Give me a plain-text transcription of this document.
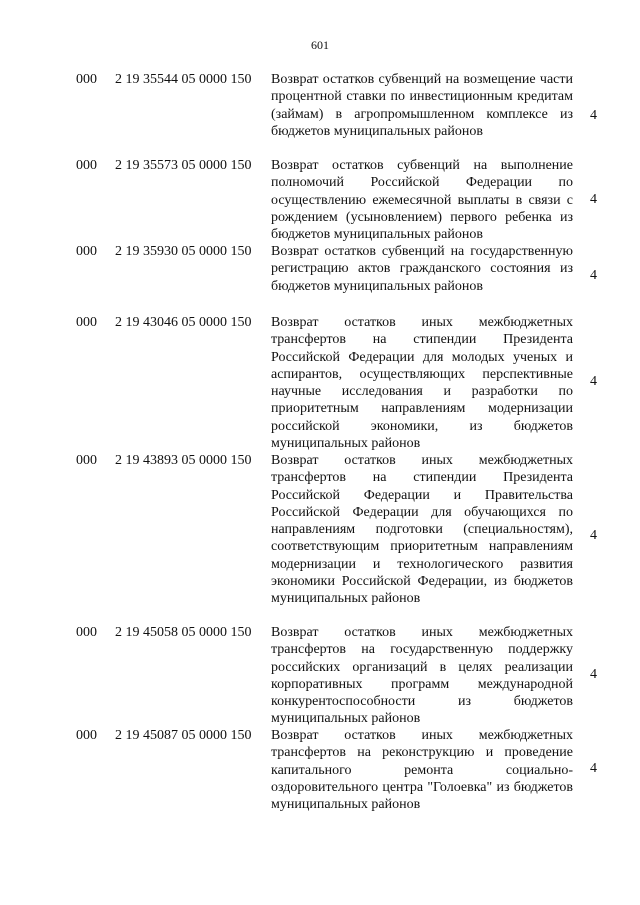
601
000 2 19 35544 05 0000 150 Возврат остатков субвенций на возмещение части процентной ставки по инвестиционным кредитам (займам) в агропромышленном комплексе из бюджетов муниципальных районов
4
000 2 19 35573 05 0000 150 Возврат остатков субвенций на выполнение полномочий Российской Федерации по осуществлению ежемесячной выплаты в связи с рождением (усыновлением) первого ребенка из бюджетов муниципальных районов
4
000 2 19 35930 05 0000 150 Возврат остатков субвенций на государственную регистрацию актов гражданского состояния из бюджетов муниципальных районов
4
000 2 19 43046 05 0000 150 Возврат остатков иных межбюджетных трансфертов на стипендии Президента Российской Федерации для молодых ученых и аспирантов, осуществляющих перспективные научные исследования и разработки по приоритетным направлениям модернизации российской экономики, из бюджетов муниципальных районов
4
000 2 19 43893 05 0000 150 Возврат остатков иных межбюджетных трансфертов на стипендии Президента Российской Федерации и Правительства Российской Федерации для обучающихся по направлениям подготовки (специальностям), соответствующим приоритетным направлениям модернизации и технологического развития экономики Российской Федерации, из бюджетов муниципальных районов
4
000 2 19 45058 05 0000 150 Возврат остатков иных межбюджетных трансфертов на государственную поддержку российских организаций в целях реализации корпоративных программ международной конкурентоспособности из бюджетов муниципальных районов
4
000 2 19 45087 05 0000 150 Возврат остатков иных межбюджетных трансфертов на реконструкцию и проведение капитального ремонта социально-оздоровительного центра "Голоевка" из бюджетов муниципальных районов
4
